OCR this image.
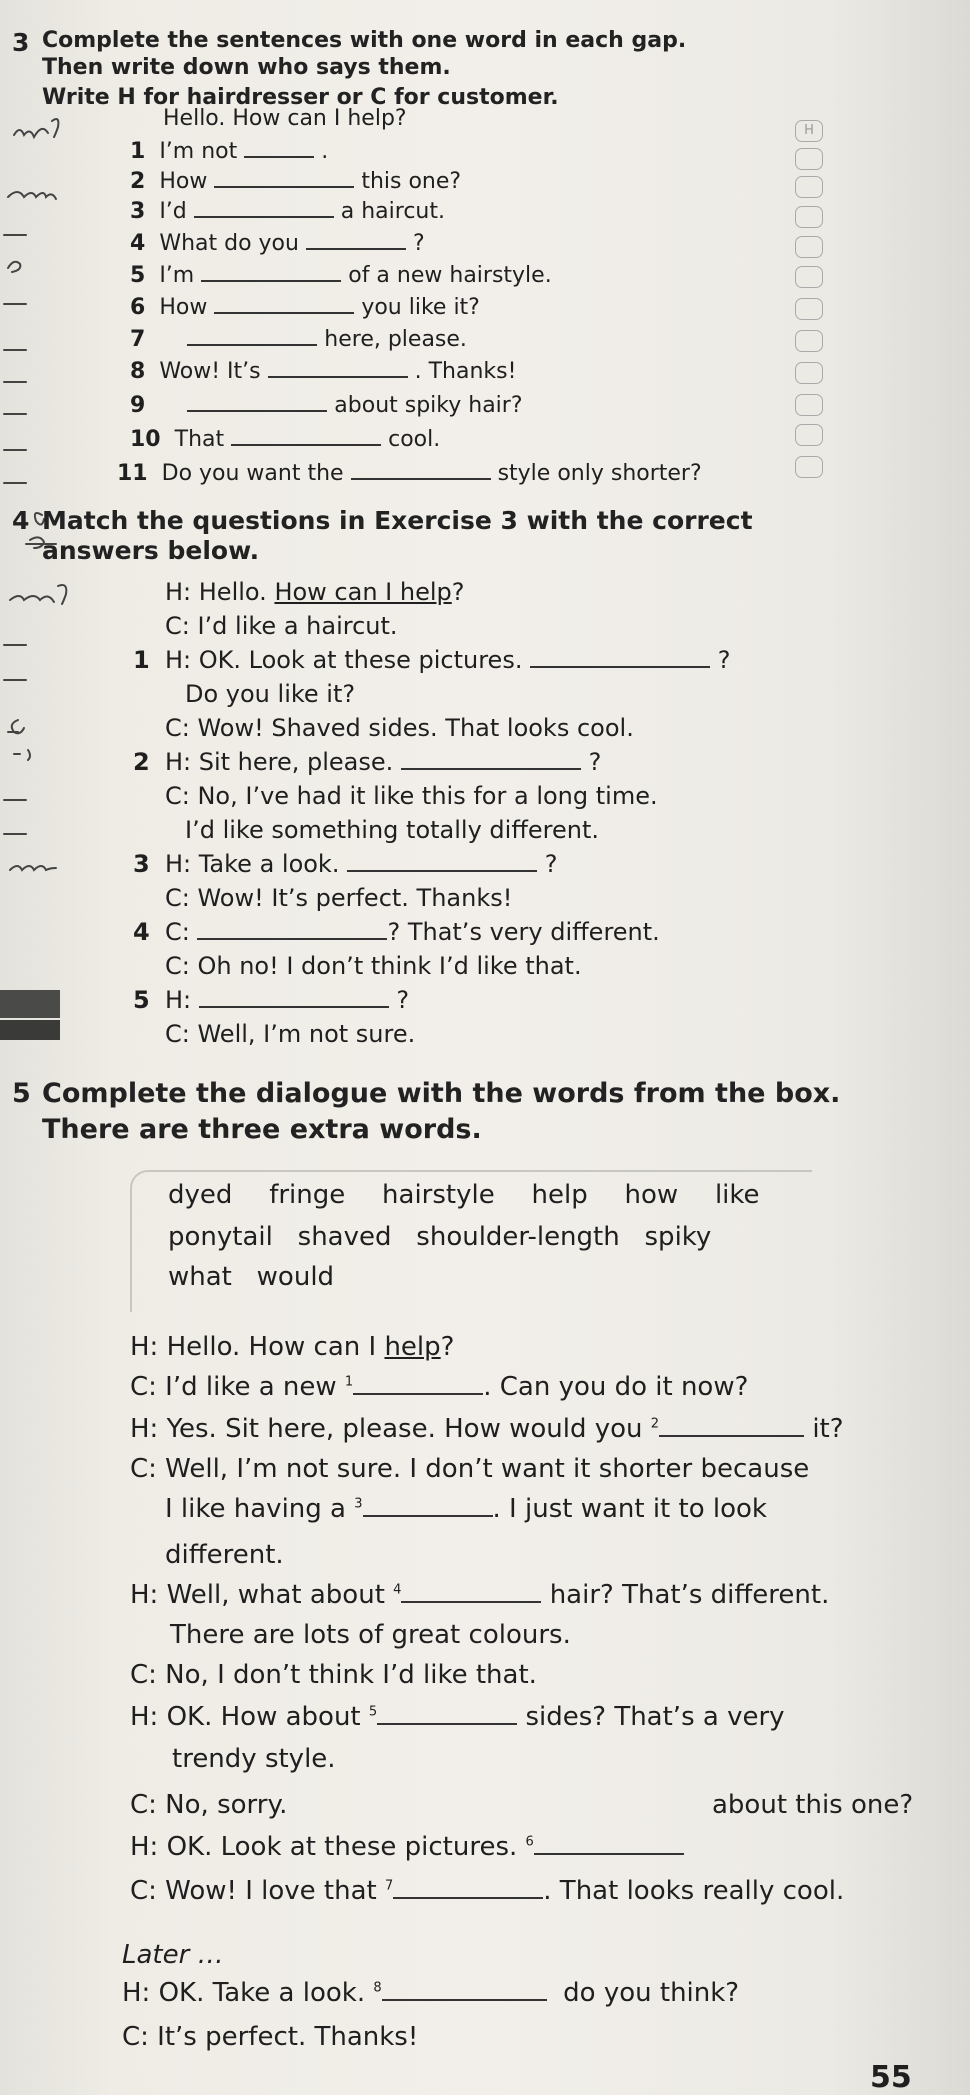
3 Complete the sentences with one word in each gap.
Then write down who says them.
Write H for hairdresser or C for customer.
Hello. How can I help?
1 I’m not	.
2 How	this one?
3 I’d	a haircut.
4 What do you	?
5 I’m	of a new hairstyle.
6 How	you like it?
7	here, please.
8 Wow! It’s	. Thanks!
9	about spiky hair?
10 That	cool.
11 Do you want the	style only shorter?
H
4 Match the questions in Exercise 3 with the correct
answers below.
H: Hello. How can I help?
C: I’d like a haircut.
1 H: OK. Look at these pictures.	?
Do you like it?
C: Wow! Shaved sides. That looks cool.
2 H: Sit here, please.	?
C: No, I’ve had it like this for a long time.
I’d like something totally different.
3 H: Take a look.	?
C: Wow! It’s perfect. Thanks!
4 C:	? That’s very different.
C: Oh no! I don’t think I’d like that.
5 H:	?
C: Well, I’m not sure.
5 Complete the dialogue with the words from the box.
There are three extra words.
dyed fringe hairstyle help how like
ponytail shaved shoulder-length spiky
what would
H: Hello. How can I help?
C: I’d like a new $^1$	. Can you do it now?
H: Yes. Sit here, please. How would you $^2$	it?
C: Well, I’m not sure. I don’t want it shorter because
I like having a $^3$	. I just want it to look
different.
H: Well, what about $^4$	hair? That’s different.
There are lots of great colours.
C: No, I don’t think I’d like that.
H: OK. How about $^5$	sides? That’s a very
trendy style.
C: No, sorry.	about this one?
H: OK. Look at these pictures. $^6$
C: Wow! I love that $^7$	. That looks really cool.
Later …
H: OK. Take a look. $^8$	do you think?
C: It’s perfect. Thanks!
55
